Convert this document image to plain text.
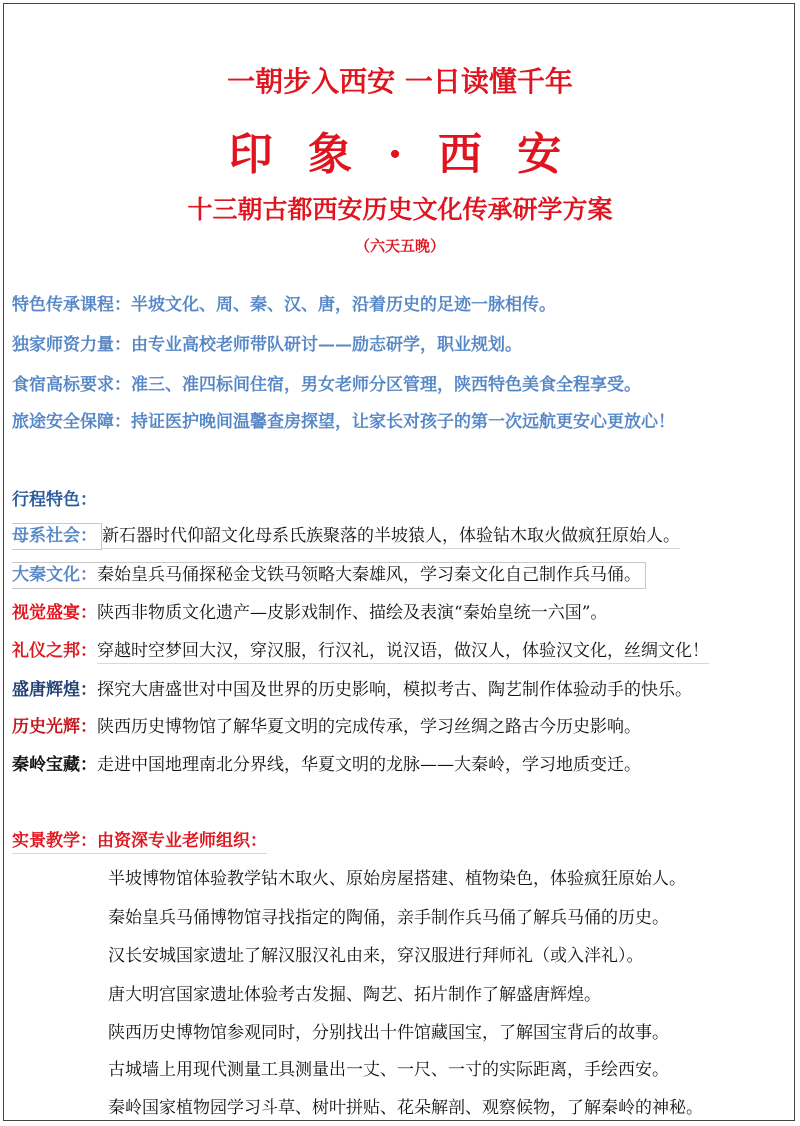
一朝步入西安 一日读懂千年
印 象 · 西 安
十三朝古都西安历史文化传承研学方案
（六天五晚）
特色传承课程：半坡文化、周、秦、汉、唐，沿着历史的足迹一脉相传。
独家师资力量：由专业高校老师带队研讨——励志研学，职业规划。
食宿高标要求：准三、准四标间住宿，男女老师分区管理，陕西特色美食全程享受。
旅途安全保障：持证医护晚间温馨查房探望，让家长对孩子的第一次远航更安心更放心！
行程特色：
母系社会： 新石器时代仰韶文化母系氏族聚落的半坡猿人，体验钻木取火做疯狂原始人。
大秦文化：秦始皇兵马俑探秘金戈铁马领略大秦雄风，学习秦文化自己制作兵马俑。
视觉盛宴：陕西非物质文化遗产—皮影戏制作、描绘及表演“秦始皇统一六国”。
礼仪之邦：穿越时空梦回大汉，穿汉服，行汉礼，说汉语，做汉人，体验汉文化，丝绸文化！
盛唐辉煌：探究大唐盛世对中国及世界的历史影响，模拟考古、陶艺制作体验动手的快乐。
历史光辉：陕西历史博物馆了解华夏文明的完成传承，学习丝绸之路古今历史影响。
秦岭宝藏：走进中国地理南北分界线，华夏文明的龙脉——大秦岭，学习地质变迁。
实景教学：由资深专业老师组织：
半坡博物馆体验教学钻木取火、原始房屋搭建、植物染色，体验疯狂原始人。
秦始皇兵马俑博物馆寻找指定的陶俑，亲手制作兵马俑了解兵马俑的历史。
汉长安城国家遗址了解汉服汉礼由来，穿汉服进行拜师礼（或入泮礼）。
唐大明宫国家遗址体验考古发掘、陶艺、拓片制作了解盛唐辉煌。
陕西历史博物馆参观同时，分别找出十件馆藏国宝，了解国宝背后的故事。
古城墙上用现代测量工具测量出一丈、一尺、一寸的实际距离，手绘西安。
秦岭国家植物园学习斗草、树叶拼贴、花朵解剖、观察候物，了解秦岭的神秘。
